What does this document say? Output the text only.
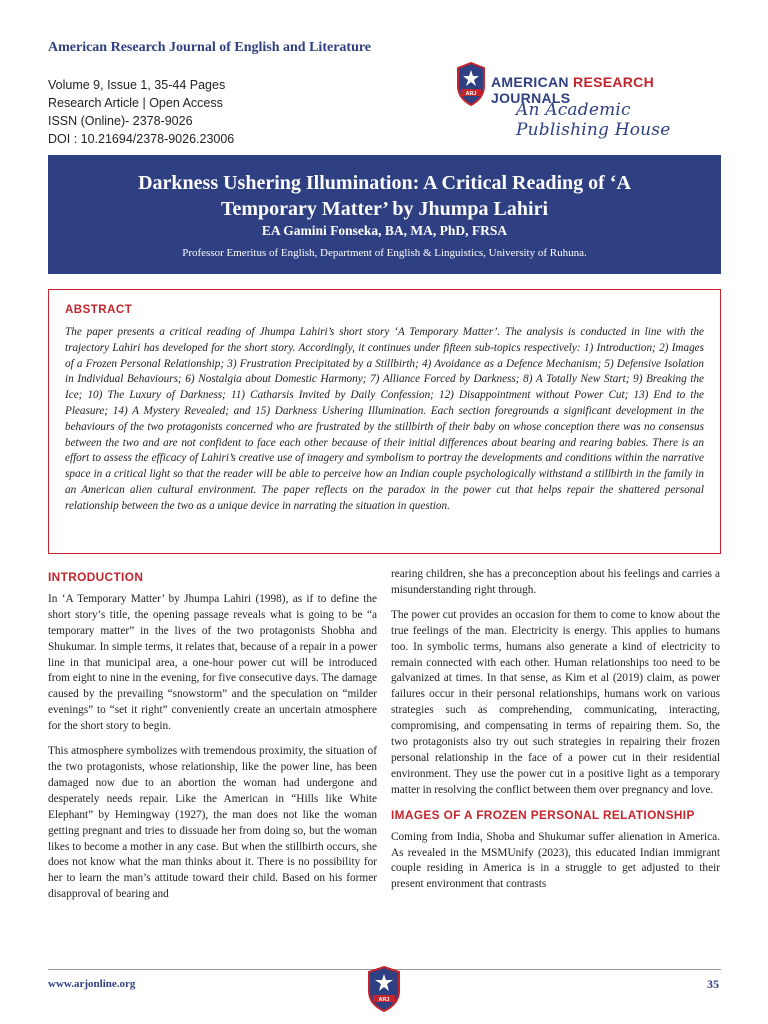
American Research Journal of English and Literature
Volume 9, Issue 1, 35-44 Pages
Research Article | Open Access
ISSN (Online)- 2378-9026
DOI : 10.21694/2378-9026.23006
ARJ
AMERICAN RESEARCH JOURNALS
An Academic Publishing House
Darkness Ushering Illumination: A Critical Reading of ‘A Temporary Matter’ by Jhumpa Lahiri
EA Gamini Fonseka, BA, MA, PhD, FRSA
Professor Emeritus of English, Department of English & Linguistics, University of Ruhuna.
ABSTRACT
The paper presents a critical reading of Jhumpa Lahiri’s short story ‘A Temporary Matter’. The analysis is conducted in line with the trajectory Lahiri has developed for the short story. Accordingly, it continues under fifteen sub-topics respectively: 1) Introduction; 2) Images of a Frozen Personal Relationship; 3) Frustration Precipitated by a Stillbirth; 4) Avoidance as a Defence Mechanism; 5) Defensive Isolation in Individual Behaviours; 6) Nostalgia about Domestic Harmony; 7) Alliance Forced by Darkness; 8) A Totally New Start; 9) Breaking the Ice; 10) The Luxury of Darkness; 11) Catharsis Invited by Daily Confession; 12) Disappointment without Power Cut; 13) End to the Pleasure; 14) A Mystery Revealed; and 15) Darkness Ushering Illumination. Each section foregrounds a significant development in the behaviours of the two protagonists concerned who are frustrated by the stillbirth of their baby on whose conception there was no consensus between the two and are not confident to face each other because of their initial differences about bearing and rearing babies. There is an effort to assess the efficacy of Lahiri’s creative use of imagery and symbolism to portray the developments and conditions within the narrative space in a critical light so that the reader will be able to perceive how an Indian couple psychologically withstand a stillbirth in the family in an American alien cultural environment. The paper reflects on the paradox in the power cut that helps repair the shattered personal relationship between the two as a unique device in narrating the situation in question.
INTRODUCTION

In ‘A Temporary Matter’ by Jhumpa Lahiri (1998), as if to define the short story’s title, the opening passage reveals what is going to be “a temporary matter” in the lives of the two protagonists Shobha and Shukumar. In simple terms, it relates that, because of a repair in a power line in that municipal area, a one-hour power cut will be introduced from eight to nine in the evening, for five consecutive days. The damage caused by the prevailing “snowstorm” and the speculation on “milder evenings” to “set it right” conveniently create an uncertain atmosphere for the short story to begin.

This atmosphere symbolizes with tremendous proximity, the situation of the two protagonists, whose relationship, like the power line, has been damaged now due to an abortion the woman had undergone and desperately needs repair. Like the American in “Hills like White Elephant” by Hemingway (1927), the man does not like the woman getting pregnant and tries to dissuade her from doing so, but the woman likes to become a mother in any case. But when the stillbirth occurs, she does not know what the man thinks about it. There is no possibility for her to learn the man’s attitude toward their child. Based on his former disapproval of bearing and

rearing children, she has a preconception about his feelings and carries a misunderstanding right through.

The power cut provides an occasion for them to come to know about the true feelings of the man. Electricity is energy. This applies to humans too. In symbolic terms, humans also generate a kind of electricity to remain connected with each other. Human relationships too need to be galvanized at times. In that sense, as Kim et al (2019) claim, as power failures occur in their personal relationships, humans work on various strategies such as comprehending, communicating, interacting, compromising, and compensating in terms of repairing them. So, the two protagonists also try out such strategies in repairing their frozen personal relationship in the face of a power cut in their residential environment. They use the power cut in a positive light as a temporary matter in resolving the conflict between them over pregnancy and love.

IMAGES OF A FROZEN PERSONAL RELATIONSHIP

Coming from India, Shoba and Shukumar suffer alienation in America. As revealed in the MSMUnify (2023), this educated Indian immigrant couple residing in America is in a struggle to get adjusted to their present environment that contrasts

www.arjonline.org
ARJ
35
